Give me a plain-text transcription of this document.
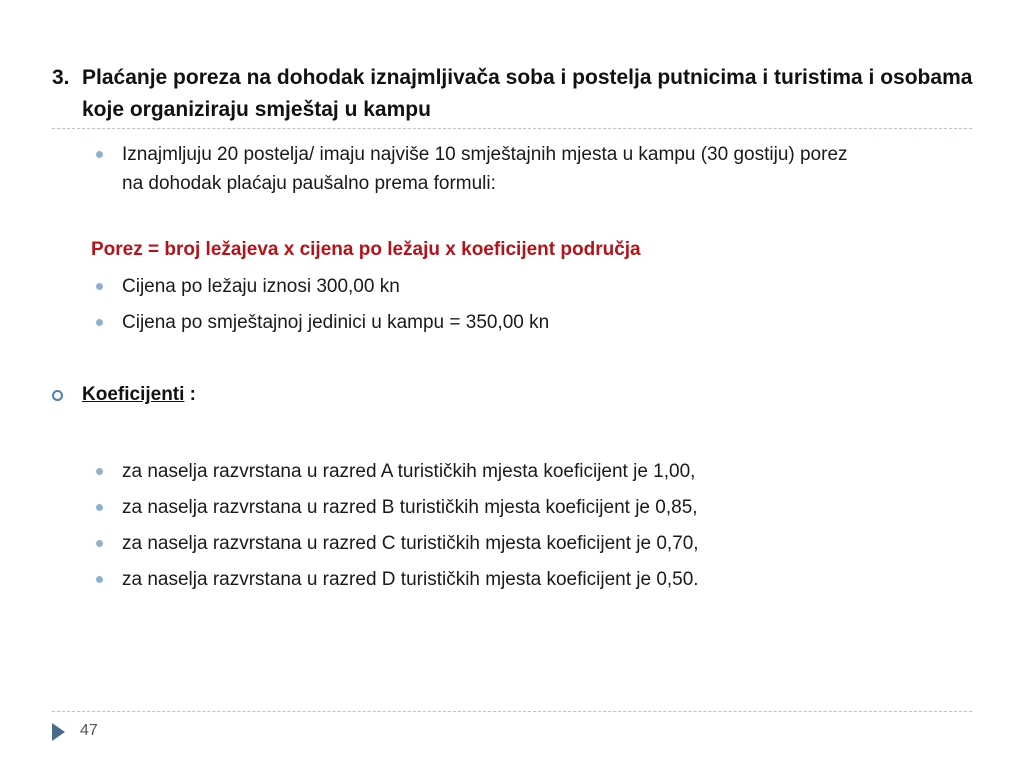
3. Plaćanje poreza na dohodak iznajmljivača soba i postelja putnicima i turistima i osobama koje organiziraju smještaj u kampu
Iznajmljuju 20 postelja/ imaju najviše 10 smještajnih mjesta u kampu (30 gostiju) porez
na dohodak plaćaju paušalno prema formuli:
Porez = broj ležajeva x cijena po ležaju x koeficijent područja
Cijena po ležaju iznosi 300,00 kn
Cijena po smještajnoj jedinici u kampu = 350,00 kn
Koeficijenti :
za naselja razvrstana u razred A turističkih mjesta koeficijent je 1,00,
za naselja razvrstana u razred B turističkih mjesta koeficijent je 0,85,
za naselja razvrstana u razred C turističkih mjesta koeficijent je 0,70,
za naselja razvrstana u razred D turističkih mjesta koeficijent je 0,50.
47
